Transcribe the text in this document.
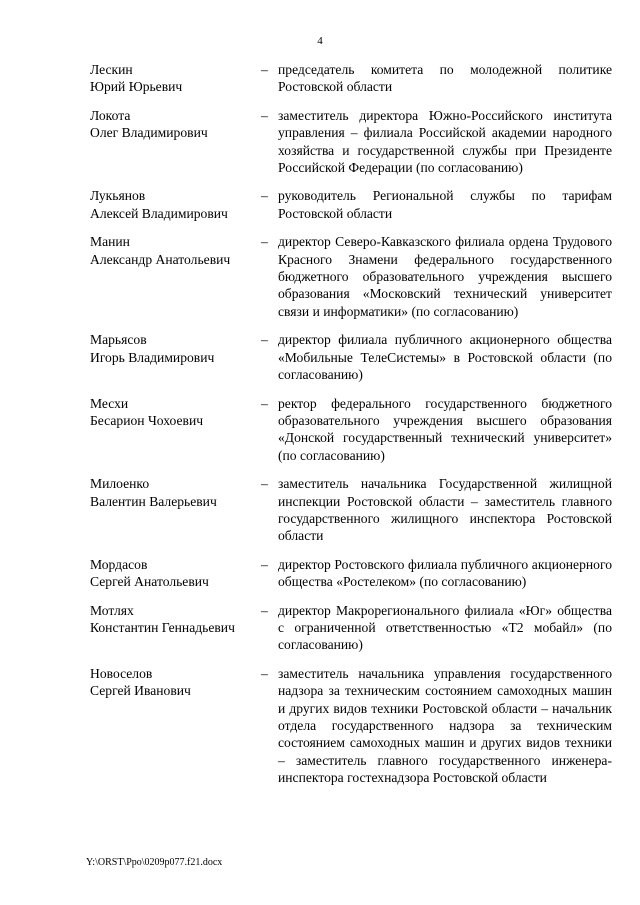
4
Лескин
Юрий Юрьевич
– председатель комитета по молодежной политике Ростовской области
Локота
Олег Владимирович
– заместитель директора Южно-Российского института управления – филиала Российской академии народного хозяйства и государственной службы при Президенте Российской Федерации (по согласованию)
Лукьянов
Алексей Владимирович
– руководитель Региональной службы по тарифам Ростовской области
Манин
Александр Анатольевич
– директор Северо-Кавказского филиала ордена Трудового Красного Знамени федерального государственного бюджетного образовательного учреждения высшего образования «Московский технический университет связи и информатики» (по согласованию)
Марьясов
Игорь Владимирович
– директор филиала публичного акционерного общества «Мобильные ТелеСистемы» в Ростовской области (по согласованию)
Месхи
Бесарион Чохоевич
– ректор федерального государственного бюджетного образовательного учреждения высшего образования «Донской государственный технический университет» (по согласованию)
Милоенко
Валентин Валерьевич
– заместитель начальника Государственной жилищной инспекции Ростовской области – заместитель главного государственного жилищного инспектора Ростовской области
Мордасов
Сергей Анатольевич
– директор Ростовского филиала публичного акционерного общества «Ростелеком» (по согласованию)
Мотлях
Константин Геннадьевич
– директор Макрорегионального филиала «Юг» общества с ограниченной ответственностью «Т2 мобайл» (по согласованию)
Новоселов
Сергей Иванович
– заместитель начальника управления государственного надзора за техническим состоянием самоходных машин и других видов техники Ростовской области – начальник отдела государственного надзора за техническим состоянием самоходных машин и других видов техники – заместитель главного государственного инженера-инспектора гостехнадзора Ростовской области
Y:\ORST\Ppo\0209p077.f21.docx
